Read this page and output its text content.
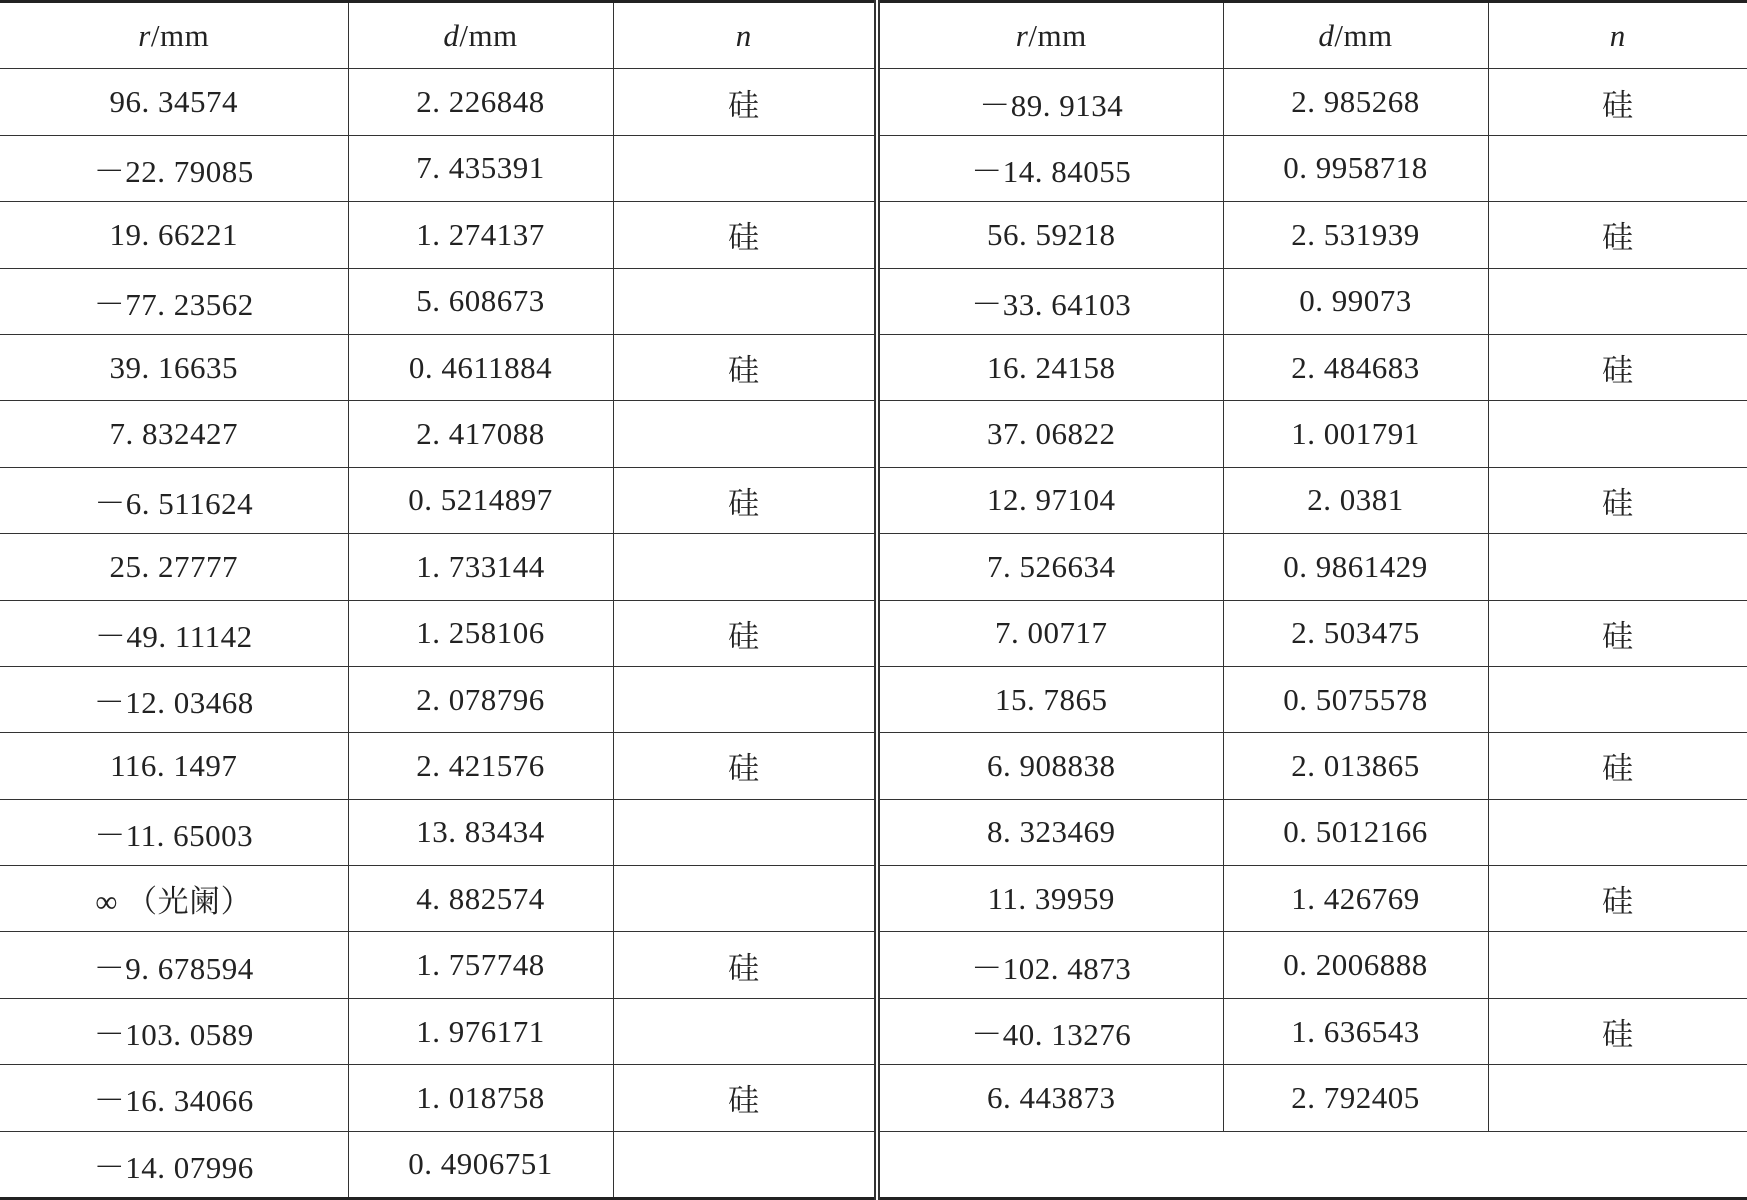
r/mm	d/mm	n	r/mm	d/mm	n
96. 34574	2. 226848	硅	－89. 9134	2. 985268	硅
－22. 79085	7. 435391		－14. 84055	0. 9958718	
19. 66221	1. 274137	硅	56. 59218	2. 531939	硅
－77. 23562	5. 608673		－33. 64103	0. 99073	
39. 16635	0. 4611884	硅	16. 24158	2. 484683	硅
7. 832427	2. 417088		37. 06822	1. 001791	
－6. 511624	0. 5214897	硅	12. 97104	2. 0381	硅
25. 27777	1. 733144		7. 526634	0. 9861429	
－49. 11142	1. 258106	硅	7. 00717	2. 503475	硅
－12. 03468	2. 078796		15. 7865	0. 5075578	
116. 1497	2. 421576	硅	6. 908838	2. 013865	硅
－11. 65003	13. 83434		8. 323469	0. 5012166	
∞ （光阑）	4. 882574		11. 39959	1. 426769	硅
－9. 678594	1. 757748	硅	－102. 4873	0. 2006888	
－103. 0589	1. 976171		－40. 13276	1. 636543	硅
－16. 34066	1. 018758	硅	6. 443873	2. 792405	
－14. 07996	0. 4906751				
